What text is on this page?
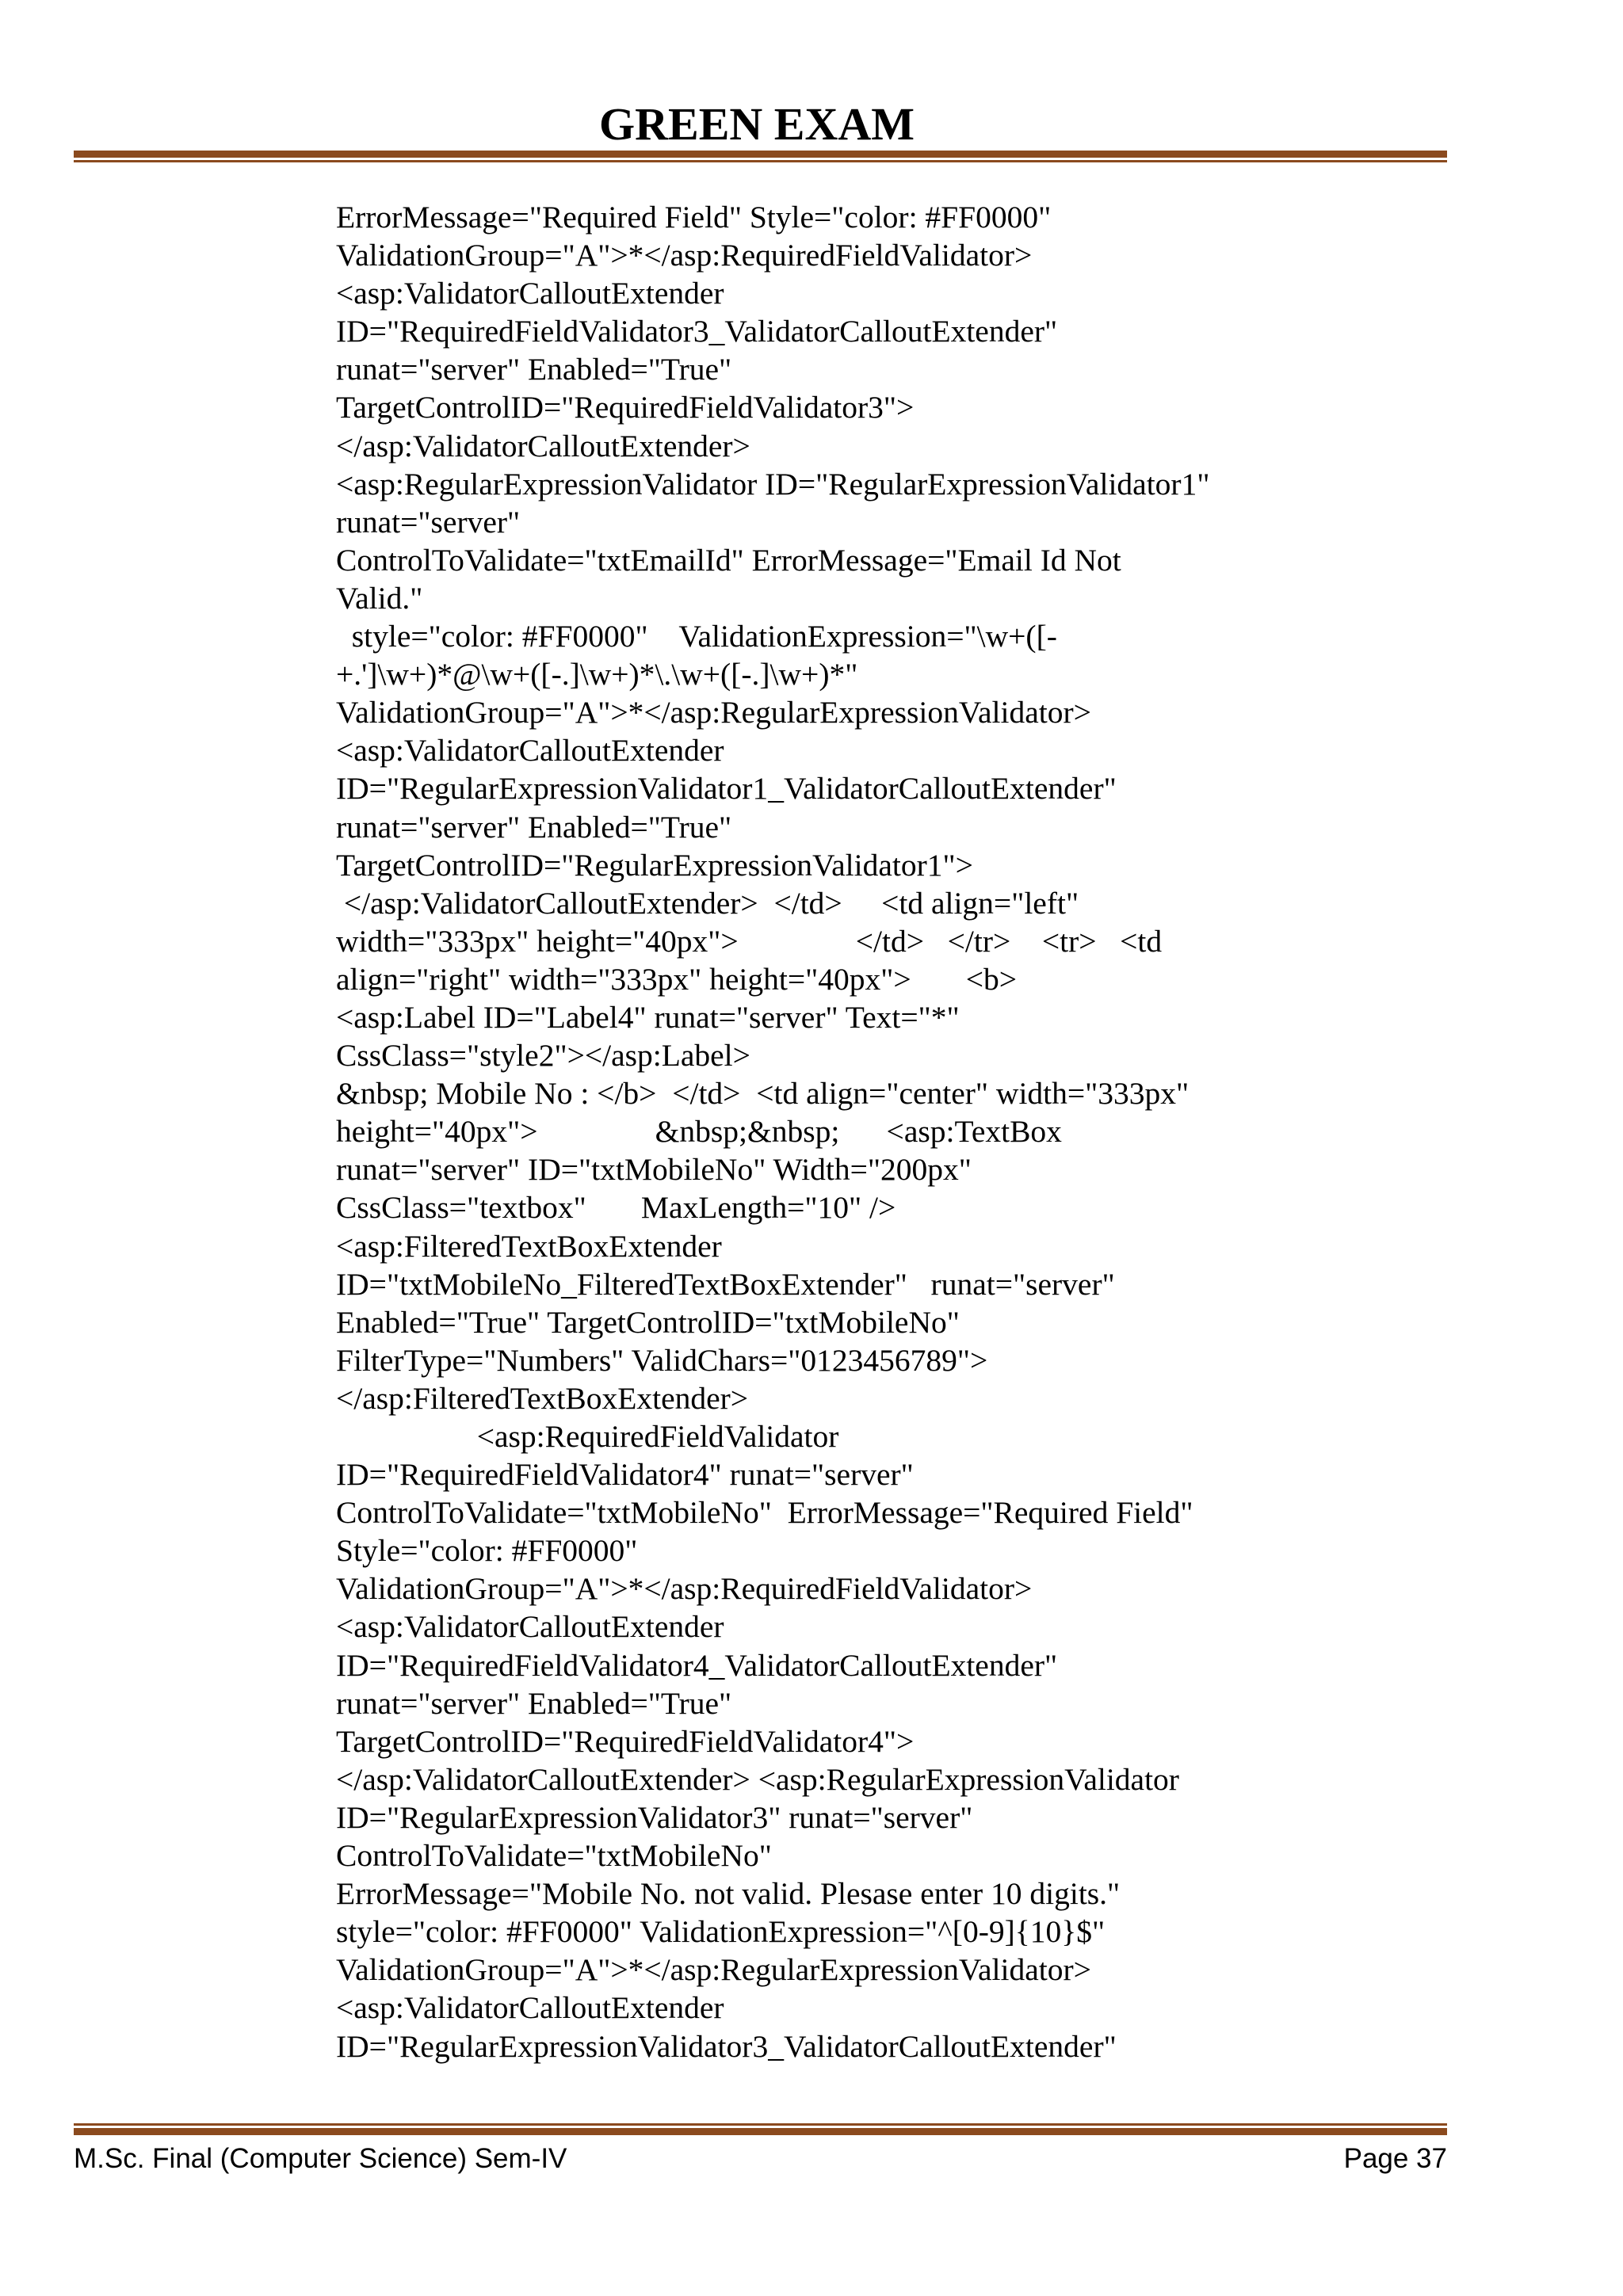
GREEN EXAM
ErrorMessage="Required Field" Style="color: #FF0000"
ValidationGroup="A">*</asp:RequiredFieldValidator>
<asp:ValidatorCalloutExtender
ID="RequiredFieldValidator3_ValidatorCalloutExtender"
runat="server" Enabled="True"
TargetControlID="RequiredFieldValidator3">
</asp:ValidatorCalloutExtender>
<asp:RegularExpressionValidator ID="RegularExpressionValidator1"
runat="server"
ControlToValidate="txtEmailId" ErrorMessage="Email Id Not
Valid."
style="color: #FF0000"    ValidationExpression="\w+([-
+.']\w+)*@\w+([-.]\w+)*\.\w+([-.]\w+)*"
ValidationGroup="A">*</asp:RegularExpressionValidator>
<asp:ValidatorCalloutExtender
ID="RegularExpressionValidator1_ValidatorCalloutExtender"
runat="server" Enabled="True"
TargetControlID="RegularExpressionValidator1">
</asp:ValidatorCalloutExtender>  </td>     <td align="left"
width="333px" height="40px">               </td>   </tr>    <tr>   <td
align="right" width="333px" height="40px">       <b>
<asp:Label ID="Label4" runat="server" Text="*"
CssClass="style2"></asp:Label>
&nbsp; Mobile No : </b>  </td>  <td align="center" width="333px"
height="40px">               &nbsp;&nbsp;      <asp:TextBox
runat="server" ID="txtMobileNo" Width="200px"
CssClass="textbox"       MaxLength="10" />
<asp:FilteredTextBoxExtender
ID="txtMobileNo_FilteredTextBoxExtender"   runat="server"
Enabled="True" TargetControlID="txtMobileNo"
FilterType="Numbers" ValidChars="0123456789">
</asp:FilteredTextBoxExtender>
<asp:RequiredFieldValidator
ID="RequiredFieldValidator4" runat="server"
ControlToValidate="txtMobileNo"  ErrorMessage="Required Field"
Style="color: #FF0000"
ValidationGroup="A">*</asp:RequiredFieldValidator>
<asp:ValidatorCalloutExtender
ID="RequiredFieldValidator4_ValidatorCalloutExtender"
runat="server" Enabled="True"
TargetControlID="RequiredFieldValidator4">
</asp:ValidatorCalloutExtender> <asp:RegularExpressionValidator
ID="RegularExpressionValidator3" runat="server"
ControlToValidate="txtMobileNo"
ErrorMessage="Mobile No. not valid. Plesase enter 10 digits."
style="color: #FF0000" ValidationExpression="^[0-9]{10}$"
ValidationGroup="A">*</asp:RegularExpressionValidator>
<asp:ValidatorCalloutExtender
ID="RegularExpressionValidator3_ValidatorCalloutExtender"
M.Sc. Final (Computer Science) Sem-IV	Page 37
